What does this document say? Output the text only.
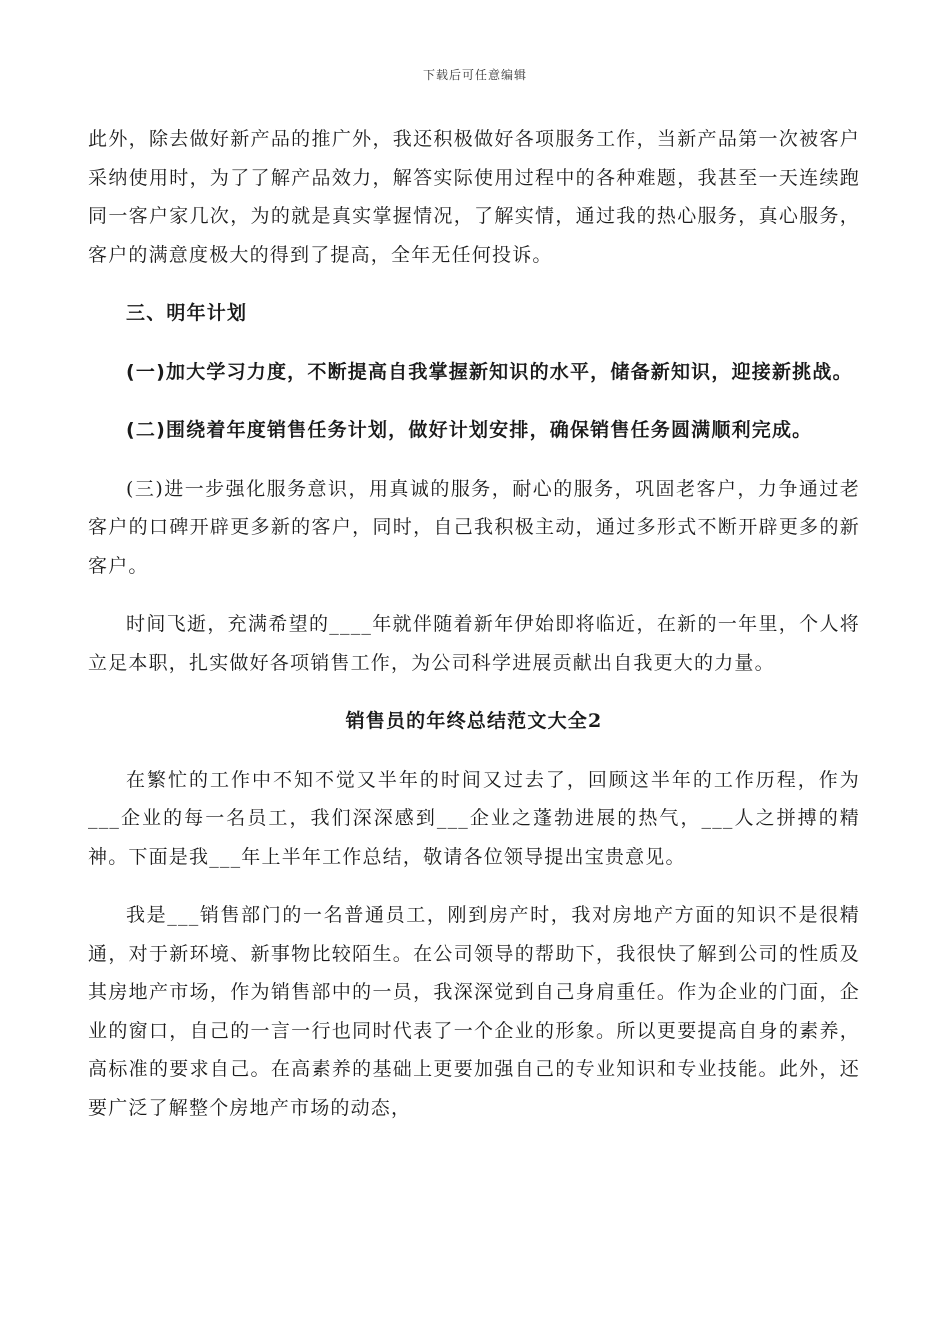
下载后可任意编辑

此外，除去做好新产品的推广外，我还积极做好各项服务工作，当新产品第一次被客户采纳使用时，为了了解产品效力，解答实际使用过程中的各种难题，我甚至一天连续跑同一客户家几次，为的就是真实掌握情况，了解实情，通过我的热心服务，真心服务，客户的满意度极大的得到了提高，全年无任何投诉。

三、明年计划

(一)加大学习力度，不断提高自我掌握新知识的水平，储备新知识，迎接新挑战。

(二)围绕着年度销售任务计划，做好计划安排，确保销售任务圆满顺利完成。

(三)进一步强化服务意识，用真诚的服务，耐心的服务，巩固老客户，力争通过老客户的口碑开辟更多新的客户，同时，自己我积极主动，通过多形式不断开辟更多的新客户。

时间飞逝，充满希望的____年就伴随着新年伊始即将临近，在新的一年里，个人将立足本职，扎实做好各项销售工作，为公司科学进展贡献出自我更大的力量。

销售员的年终总结范文大全2

在繁忙的工作中不知不觉又半年的时间又过去了，回顾这半年的工作历程，作为___企业的每一名员工，我们深深感到___企业之蓬勃进展的热气，___人之拼搏的精神。下面是我___年上半年工作总结，敬请各位领导提出宝贵意见。

我是___销售部门的一名普通员工，刚到房产时，我对房地产方面的知识不是很精通，对于新环境、新事物比较陌生。在公司领导的帮助下，我很快了解到公司的性质及其房地产市场，作为销售部中的一员，我深深觉到自己身肩重任。作为企业的门面，企业的窗口，自己的一言一行也同时代表了一个企业的形象。所以更要提高自身的素养，高标准的要求自己。在高素养的基础上更要加强自己的专业知识和专业技能。此外，还要广泛了解整个房地产市场的动态，
